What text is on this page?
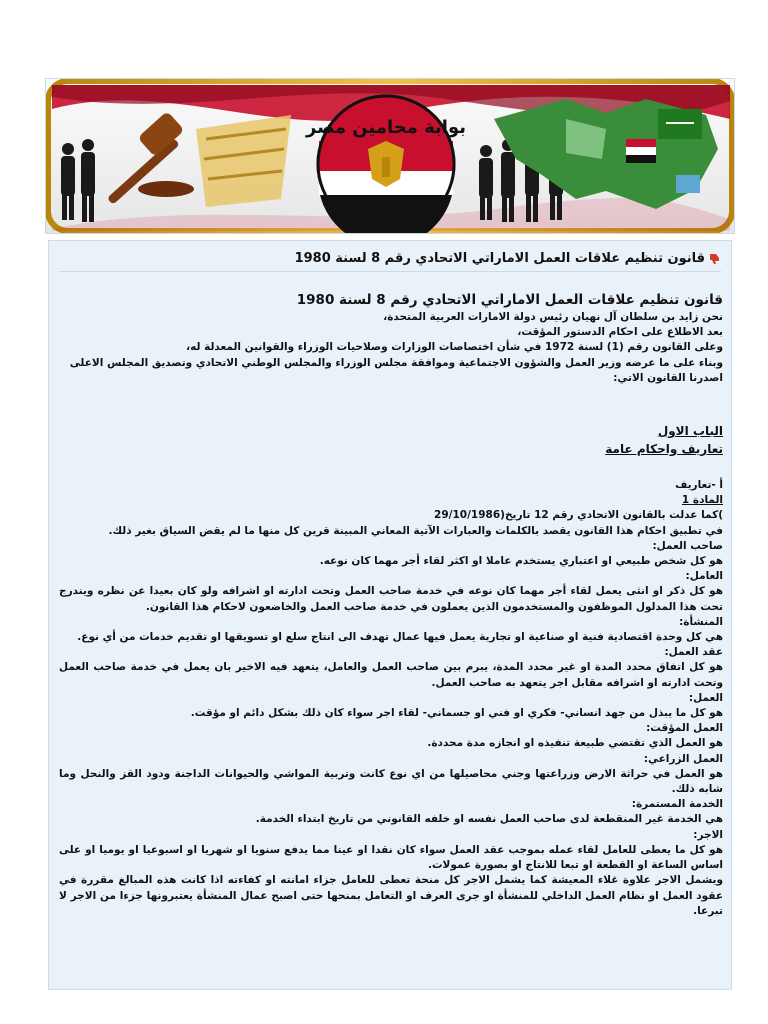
بوابة محامين مصر
قانون تنظيم علاقات العمل الاماراتي الاتحادي رقم 8 لسنة 1980

قانون تنظيم علاقات العمل الاماراتي الاتحادي رقم 8 لسنة 1980

نحن زايد بن سلطان آل نهيان رئيس دولة الامارات العربية المتحدة،

بعد الاطلاع على احكام الدستور المؤقت،

وعلى القانون رقم (1) لسنة 1972 في شأن اختصاصات الوزارات وصلاحيات الوزراء والقوانين المعدلة له،

وبناء على ما عرضه وزير العمل والشؤون الاجتماعية وموافقة مجلس الوزراء والمجلس الوطني الاتحادي وتصديق المجلس الاعلى

اصدرنا القانون الاتي:

الباب الاول

تعاريف واحكام عامة

أ -تعاريف

المادة 1

)كما عدلت بالقانون الاتحادي رقم 12 تاريخ(29/10/1986

في تطبيق احكام هذا القانون يقصد بالكلمات والعبارات الآتية المعاني المبينة قرين كل منها ما لم يقض السياق بغير ذلك.

صاحب العمل:

هو كل شخص طبيعي او اعتباري يستخدم عاملا او اكثر لقاء أجر مهما كان نوعه.

العامل:

هو كل ذكر او انثى يعمل لقاء أجر مهما كان نوعه في خدمة صاحب العمل وتحت ادارته او اشرافه ولو كان بعيدا عن نظره ويندرج تحت هذا المدلول الموظفون والمستخدمون الذين يعملون في خدمة صاحب العمل والخاضعون لاحكام هذا القانون.

المنشأة:

هي كل وحدة اقتصادية فنية او صناعية او تجارية يعمل فيها عمال تهدف الى انتاج سلع او تسويقها او تقديم خدمات من أي نوع.

عقد العمل:

هو كل اتفاق محدد المدة او غير محدد المدة، يبرم بين صاحب العمل والعامل، يتعهد فيه الاخير بان يعمل في خدمة صاحب العمل وتحت ادارته او اشرافه مقابل اجر يتعهد به صاحب العمل.

العمل:

هو كل ما يبذل من جهد انساني- فكري او فني او جسماني- لقاء اجر سواء كان ذلك بشكل دائم او مؤقت.

العمل المؤقت:

هو العمل الذي تقتضي طبيعة تنفيذه او انجازه مدة محددة.

العمل الزراعي:

هو العمل في حراثة الارض وزراعتها وجني محاصيلها من اي نوع كانت وتربية المواشي والحيوانات الداجنة ودود القز والنحل وما شابه ذلك.

الخدمة المستمرة:

هي الخدمة غير المنقطعة لدى صاحب العمل نفسه او خلفه القانوني من تاريخ ابتداء الخدمة.

الاجر:

هو كل ما يعطى للعامل لقاء عمله بموجب عقد العمل سواء كان نقدا او عينا مما يدفع سنويا او شهريا او اسبوعيا او يوميا او على اساس الساعة او القطعة او تبعا للانتاج او بصورة عمولات.

ويشمل الاجر علاوة غلاء المعيشة كما يشمل الاجر كل منحة تعطى للعامل جزاء امانته او كفاءته اذا كانت هذه المبالغ مقررة في عقود العمل او نظام العمل الداخلي للمنشأة او جرى العرف او التعامل بمنحها حتى اصبح عمال المنشأة يعتبرونها جزءا من الاجر لا تبرعا.
